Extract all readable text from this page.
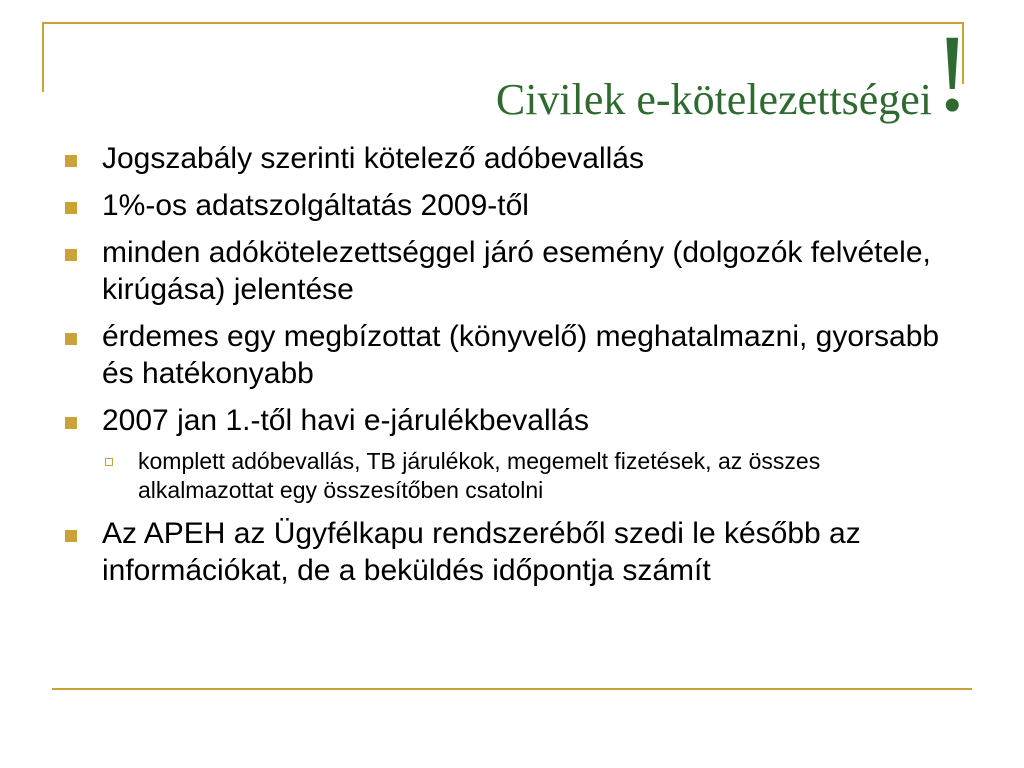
Civilek e-kötelezettségei !
Jogszabály szerinti kötelező adóbevallás
1%-os adatszolgáltatás 2009-től
minden adókötelezettséggel járó esemény (dolgozók felvétele, kirúgása) jelentése
érdemes egy megbízottat (könyvelő) meghatalmazni, gyorsabb és hatékonyabb
2007 jan 1.-től havi e-járulékbevallás
komplett adóbevallás, TB járulékok, megemelt fizetések, az összes alkalmazottat egy összesítőben csatolni
Az APEH az Ügyfélkapu rendszeréből szedi le később az információkat, de a beküldés időpontja számít
